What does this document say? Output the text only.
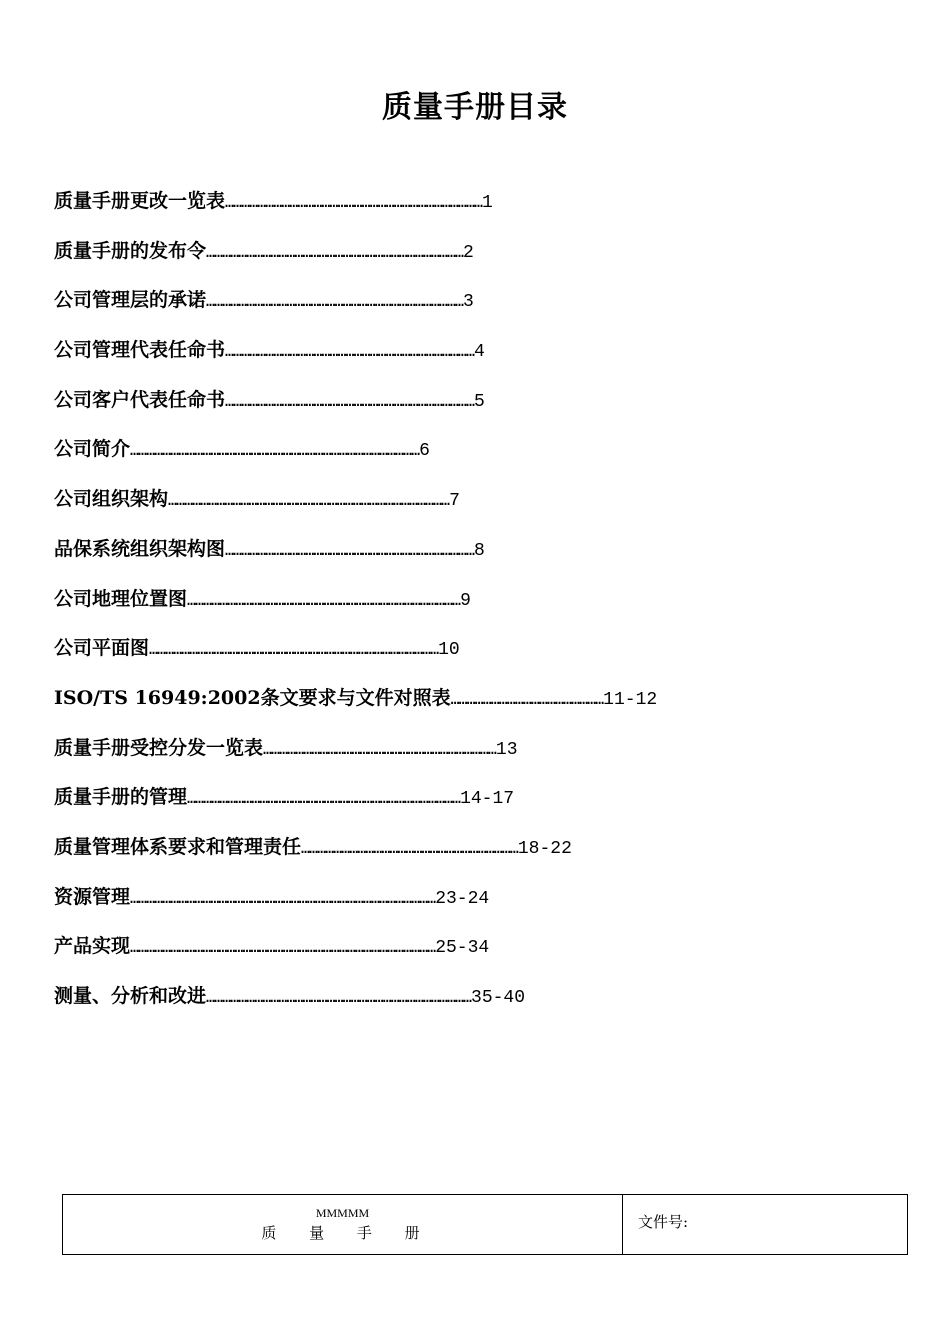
质量手册目录
质量手册更改一览表……………………………………………………………………………………1
质量手册的发布令……………………………………………………………………………………2
公司管理层的承诺……………………………………………………………………………………3
公司管理代表任命书…………………………………………………………………………………4
公司客户代表任命书…………………………………………………………………………………5
公司简介………………………………………………………………………………………………6
公司组织架构……………………………………………………………………………………………7
品保系统组织架构图…………………………………………………………………………………8
公司地理位置图…………………………………………………………………………………………9
公司平面图………………………………………………………………………………………………10
ISO/TS 16949:2002条文要求与文件对照表…………………………………………………11-12
质量手册受控分发一览表……………………………………………………………………………13
质量手册的管理…………………………………………………………………………………………14-17
质量管理体系要求和管理责任………………………………………………………………………18-22
资源管理……………………………………………………………………………………………………23-24
产品实现……………………………………………………………………………………………………25-34
测量、分析和改进………………………………………………………………………………………35-40
MMMMM
质 量 手 册
文件号:
